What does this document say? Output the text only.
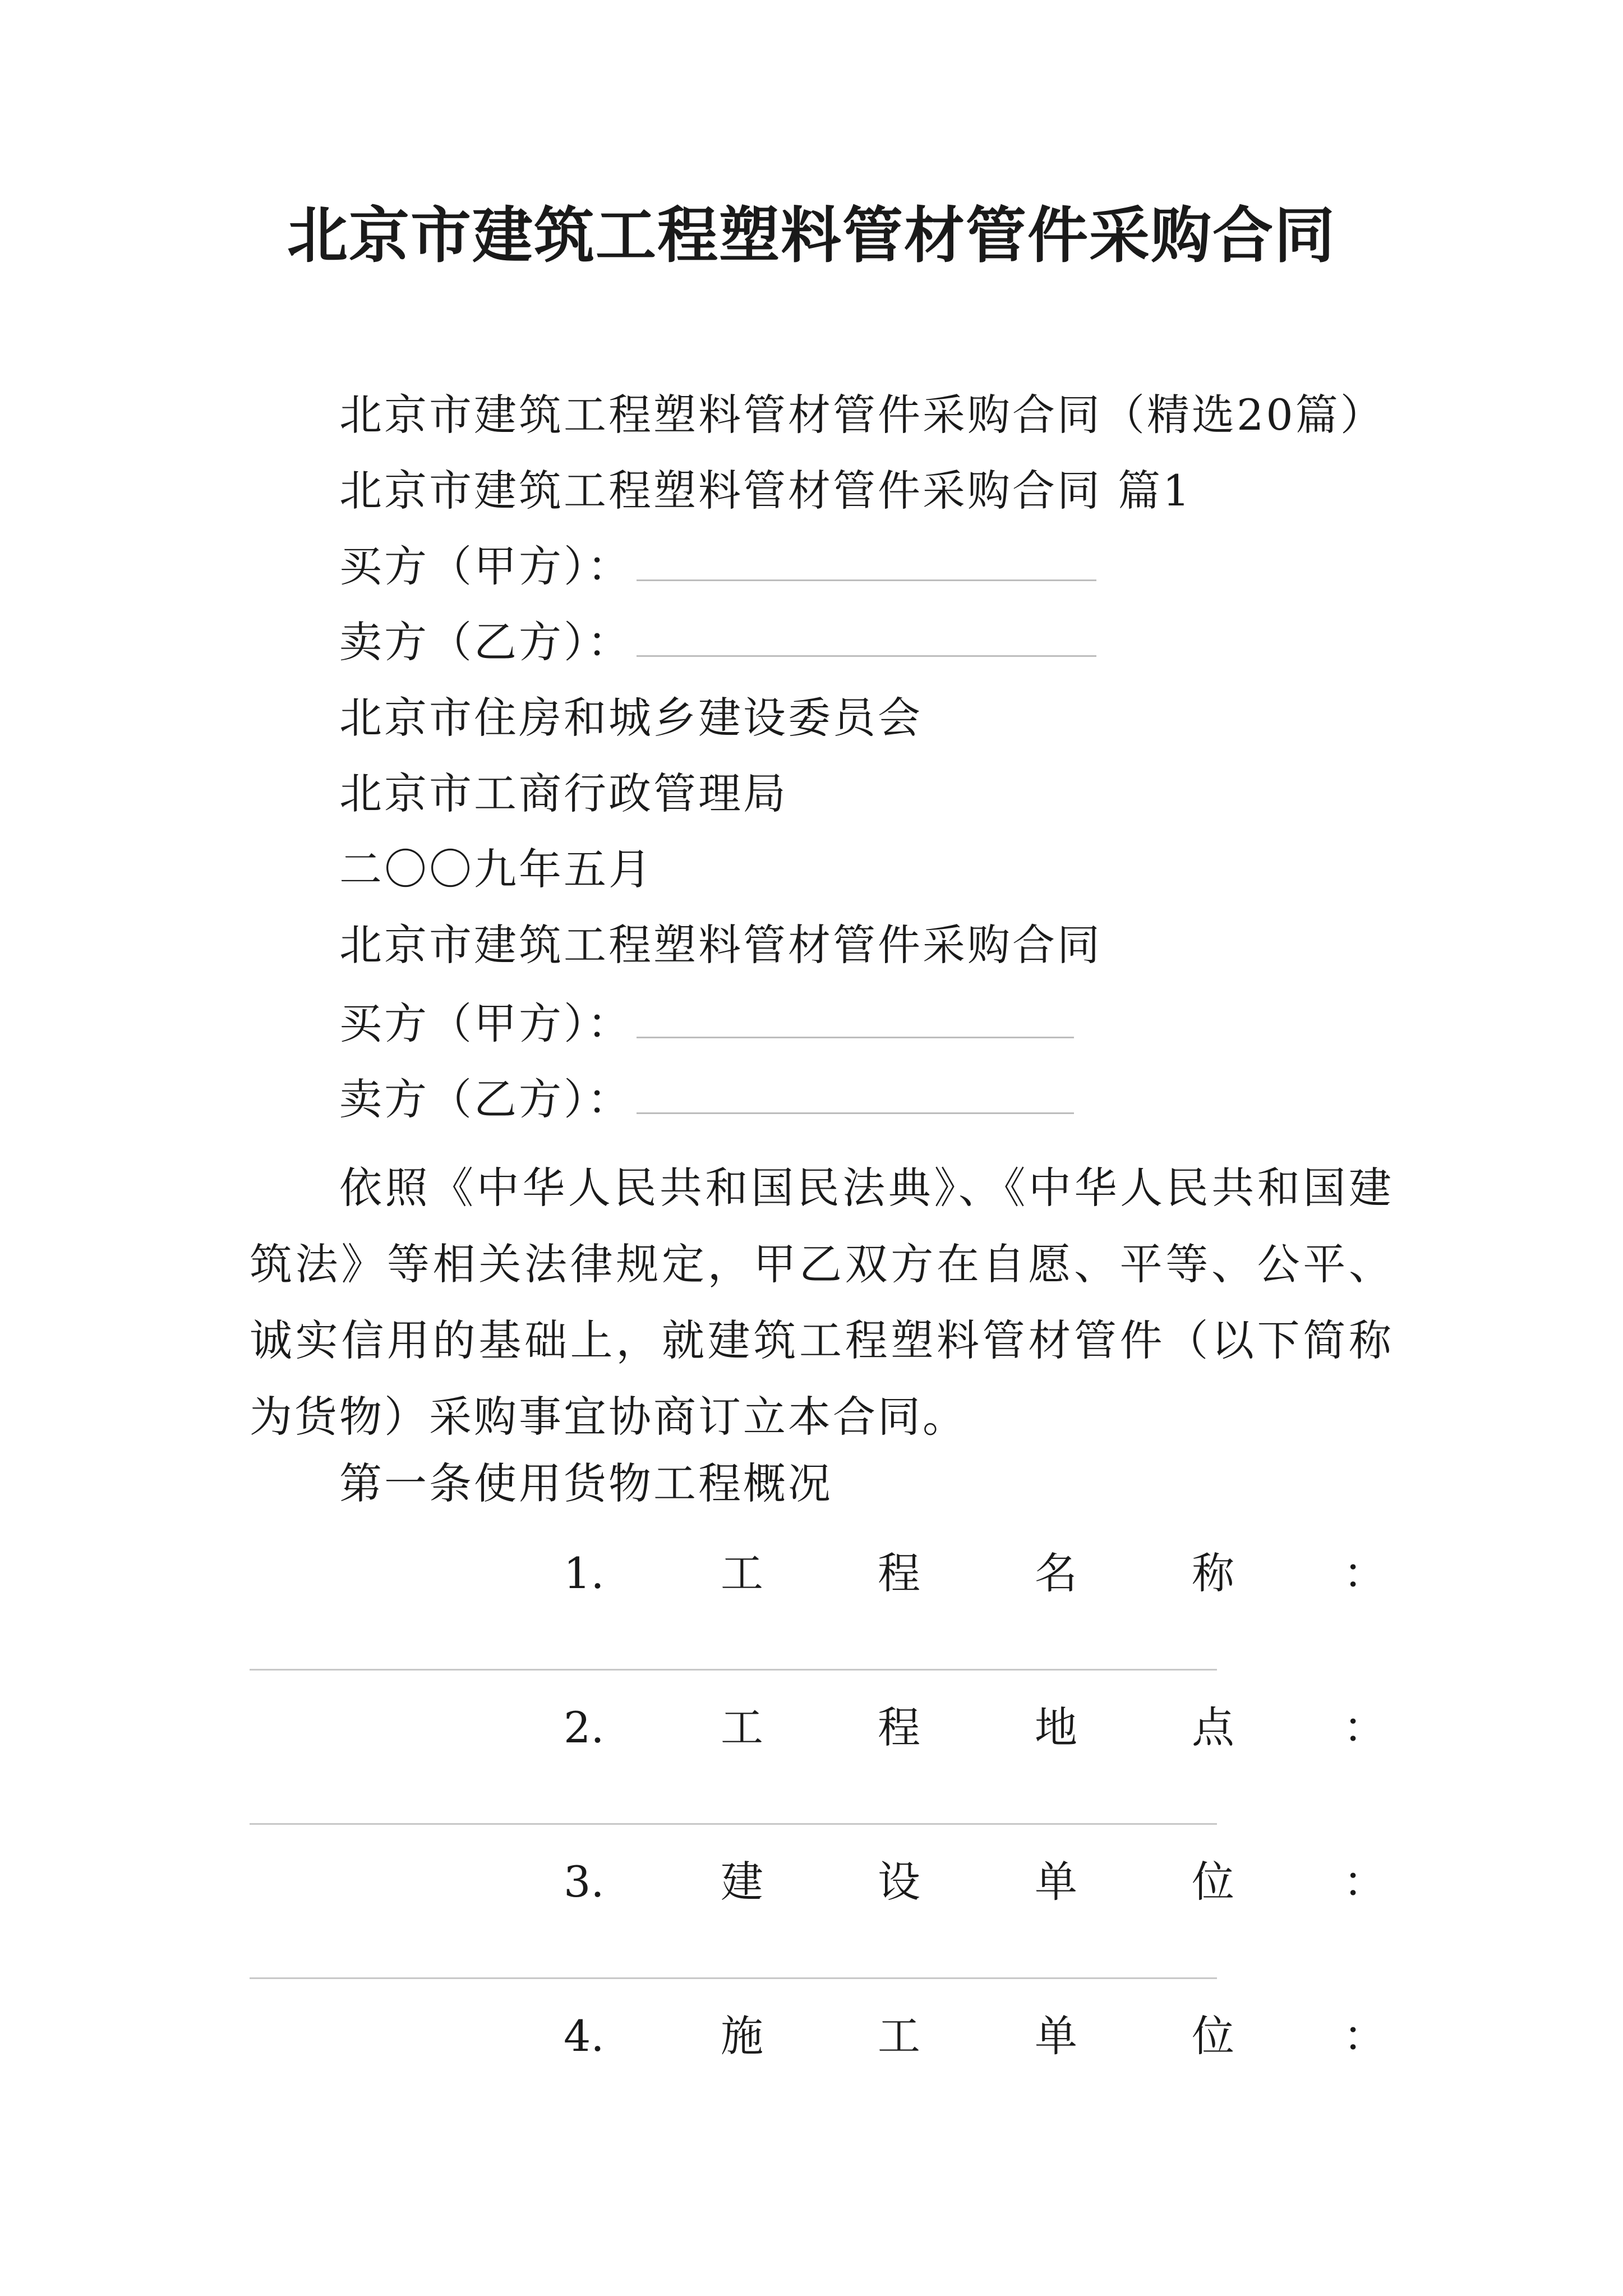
北京市建筑工程塑料管材管件采购合同
北京市建筑工程塑料管材管件采购合同（精选20篇）
北京市建筑工程塑料管材管件采购合同 篇1
买方（甲方）：
卖方（乙方）：
北京市住房和城乡建设委员会
北京市工商行政管理局
二〇〇九年五月
北京市建筑工程塑料管材管件采购合同
买方（甲方）：
卖方（乙方）：
依照《中华人民共和国民法典》、《中华人民共和国建筑法》等相关法律规定，甲乙双方在自愿、平等、公平、诚实信用的基础上，就建筑工程塑料管材管件（以下简称为货物）采购事宜协商订立本合同。
第一条使用货物工程概况
1.	工	程	名	称	：
2.	工	程	地	点	：
3.	建	设	单	位	：
4.	施	工	单	位	：
